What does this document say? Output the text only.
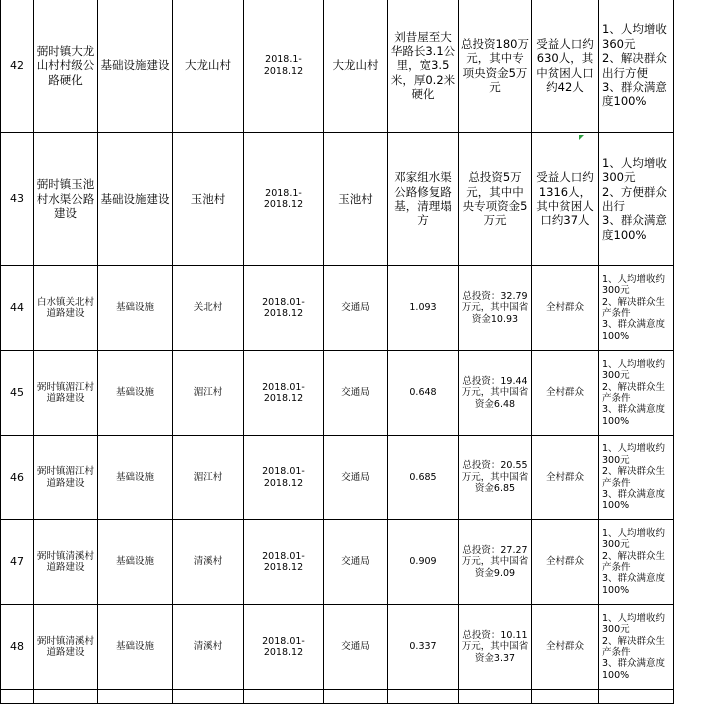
42	弼时镇大龙山村村级公路硬化	基础设施建设	大龙山村	2018.1-2018.12	大龙山村	刘昔屋至大华路长3.1公里，宽3.5米，厚0.2米硬化	总投资180万元，其中专项央资金5万元	受益人口约630人，其中贫困人口约42人	1、人均增收360元
2、解决群众出行方便
3、群众满意度100%
43	弼时镇玉池村水渠公路建设	基础设施建设	玉池村	2018.1-2018.12	玉池村	邓家组水渠公路修复路基，清理塌方	总投资5万元，其中中央专项资金5万元	受益人口约1316人，其中贫困人口约37人	1、人均增收300元
2、方便群众出行
3、群众满意度100%
44	白水镇关北村道路建设	基础设施	关北村	2018.01-2018.12	交通局	1.093	总投资：32.79万元，其中国省资金10.93	全村群众	1、人均增收约300元
2、解决群众生产条件
3、群众满意度100%
45	弼时镇湄江村道路建设	基础设施	湄江村	2018.01-2018.12	交通局	0.648	总投资：19.44万元，其中国省资金6.48	全村群众	1、人均增收约300元
2、解决群众生产条件
3、群众满意度100%
46	弼时镇湄江村道路建设	基础设施	湄江村	2018.01-2018.12	交通局	0.685	总投资：20.55万元，其中国省资金6.85	全村群众	1、人均增收约300元
2、解决群众生产条件
3、群众满意度100%
47	弼时镇清溪村道路建设	基础设施	清溪村	2018.01-2018.12	交通局	0.909	总投资：27.27万元，其中国省资金9.09	全村群众	1、人均增收约300元
2、解决群众生产条件
3、群众满意度100%
48	弼时镇清溪村道路建设	基础设施	清溪村	2018.01-2018.12	交通局	0.337	总投资：10.11万元，其中国省资金3.37	全村群众	1、人均增收约300元
2、解决群众生产条件
3、群众满意度100%
